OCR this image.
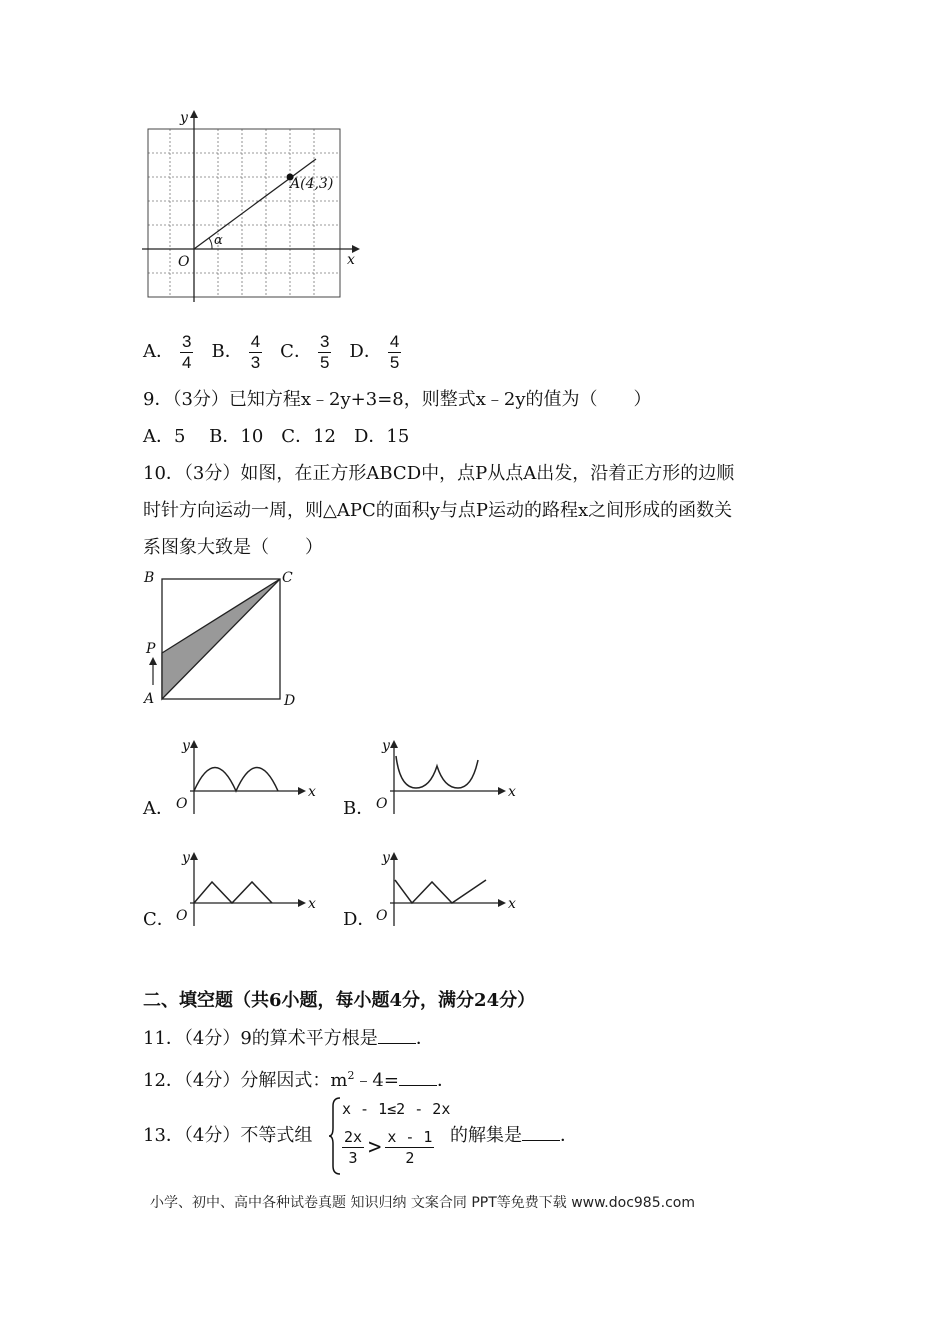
A(4,3)
α
O	x
y
A． $\frac{3}{4}$ B． $\frac{4}{3}$ C． $\frac{3}{5}$ D． $\frac{4}{5}$
9．（3分）已知方程x﹣2y+3=8，则整式x﹣2y的值为（　　）
A．5　 B．10　C．12　D．15
10．（3分）如图，在正方形ABCD中，点P从点A出发，沿着正方形的边顺
时针方向运动一周，则△APC的面积y与点P运动的路程x之间形成的函数关
系图象大致是（　　）
B	C
P
A	D
A．
y
O
x
B．
y
O
x
C．
y
O
x
D．
y
O
x
二、填空题（共6小题，每小题4分，满分24分）
11．（4分）9的算术平方根是 ．
12．（4分）分解因式：$m^2﹣4=$ ．
13．（4分）不等式组
x - 1≤2 - 2x
$\frac{2x}{3} > \frac{x - 1}{2}$ 的解集是 ．
小学、初中、高中各种试卷真题 知识归纳 文案合同 PPT等免费下载 www.doc985.com
